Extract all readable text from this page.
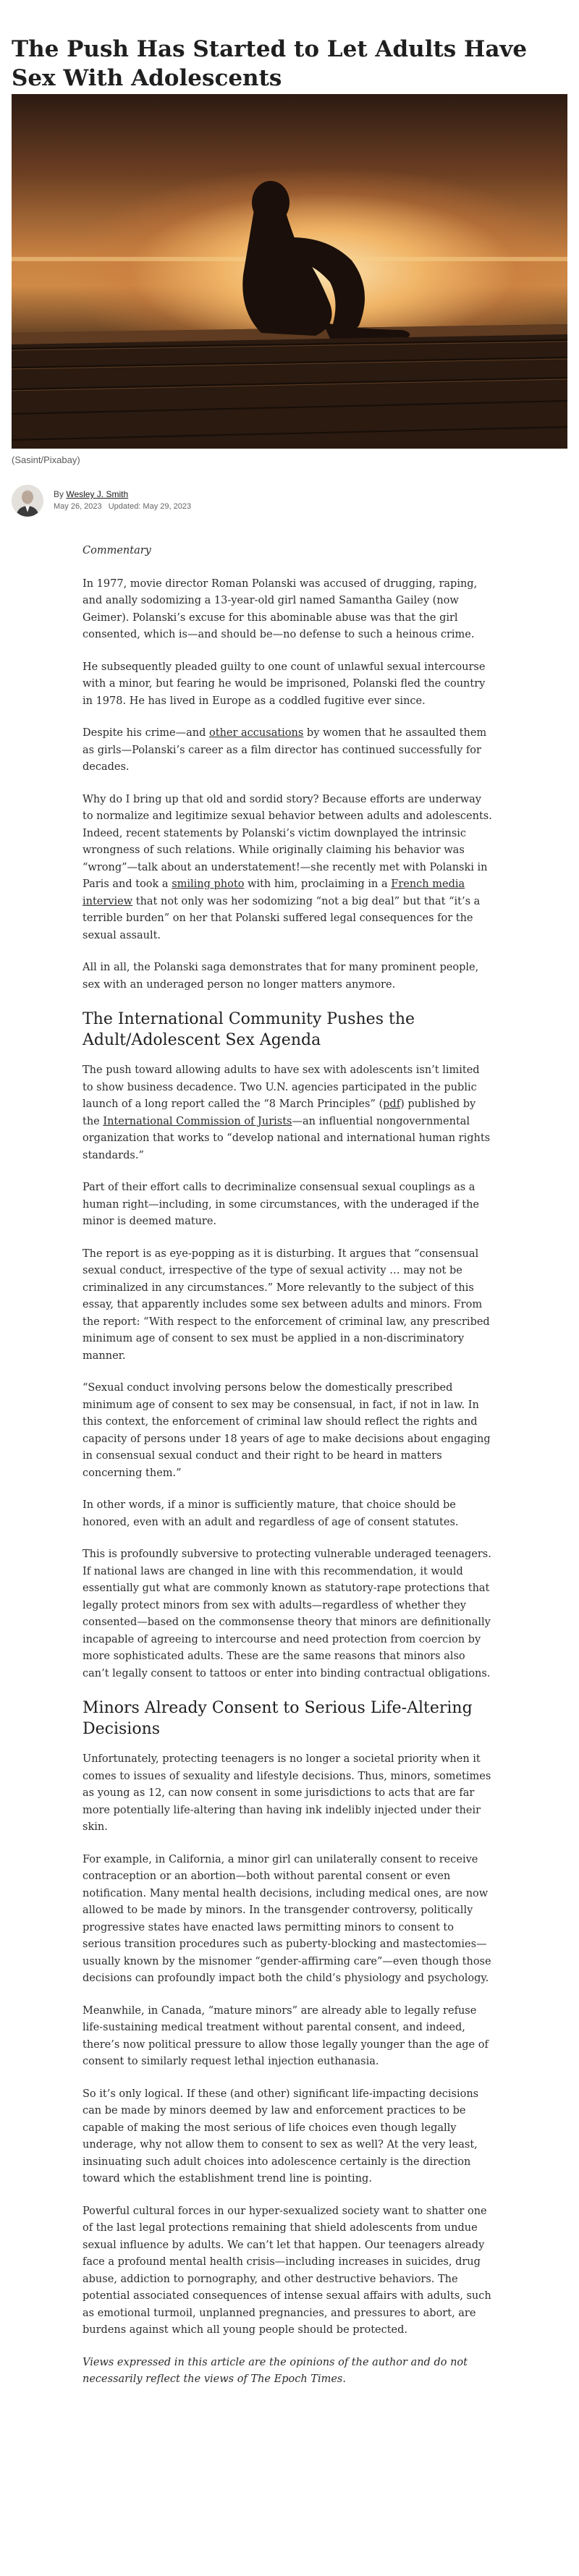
The Push Has Started to Let Adults Have Sex With Adolescents
(Sasint/Pixabay)
By Wesley J. Smith
May 26, 2023 Updated: May 29, 2023

Commentary

In 1977, movie director Roman Polanski was accused of drugging, raping, and anally sodomizing a 13-year-old girl named Samantha Gailey (now Geimer). Polanski’s excuse for this abominable abuse was that the girl consented, which is—and should be—no defense to such a heinous crime.

He subsequently pleaded guilty to one count of unlawful sexual intercourse with a minor, but fearing he would be imprisoned, Polanski fled the country in 1978. He has lived in Europe as a coddled fugitive ever since.

Despite his crime—and other accusations by women that he assaulted them as girls—Polanski’s career as a film director has continued successfully for decades.

Why do I bring up that old and sordid story? Because efforts are underway to normalize and legitimize sexual behavior between adults and adolescents. Indeed, recent statements by Polanski’s victim downplayed the intrinsic wrongness of such relations. While originally claiming his behavior was “wrong”—talk about an understatement!—she recently met with Polanski in Paris and took a smiling photo with him, proclaiming in a French media interview that not only was her sodomizing “not a big deal” but that “it’s a terrible burden” on her that Polanski suffered legal consequences for the sexual assault.

All in all, the Polanski saga demonstrates that for many prominent people, sex with an underaged person no longer matters anymore.

The International Community Pushes the Adult/Adolescent Sex Agenda

The push toward allowing adults to have sex with adolescents isn’t limited to show business decadence. Two U.N. agencies participated in the public launch of a long report called the “8 March Principles” (pdf) published by the International Commission of Jurists—an influential nongovernmental organization that works to “develop national and international human rights standards.”

Part of their effort calls to decriminalize consensual sexual couplings as a human right—including, in some circumstances, with the underaged if the minor is deemed mature.

The report is as eye-popping as it is disturbing. It argues that “consensual sexual conduct, irrespective of the type of sexual activity … may not be criminalized in any circumstances.” More relevantly to the subject of this essay, that apparently includes some sex between adults and minors. From the report: “With respect to the enforcement of criminal law, any prescribed minimum age of consent to sex must be applied in a non-discriminatory manner.

“Sexual conduct involving persons below the domestically prescribed minimum age of consent to sex may be consensual, in fact, if not in law. In this context, the enforcement of criminal law should reflect the rights and capacity of persons under 18 years of age to make decisions about engaging in consensual sexual conduct and their right to be heard in matters concerning them.”

In other words, if a minor is sufficiently mature, that choice should be honored, even with an adult and regardless of age of consent statutes.

This is profoundly subversive to protecting vulnerable underaged teenagers. If national laws are changed in line with this recommendation, it would essentially gut what are commonly known as statutory-rape protections that legally protect minors from sex with adults—regardless of whether they consented—based on the commonsense theory that minors are definitionally incapable of agreeing to intercourse and need protection from coercion by more sophisticated adults. These are the same reasons that minors also can’t legally consent to tattoos or enter into binding contractual obligations.

Minors Already Consent to Serious Life-Altering Decisions

Unfortunately, protecting teenagers is no longer a societal priority when it comes to issues of sexuality and lifestyle decisions. Thus, minors, sometimes as young as 12, can now consent in some jurisdictions to acts that are far more potentially life-altering than having ink indelibly injected under their skin.

For example, in California, a minor girl can unilaterally consent to receive contraception or an abortion—both without parental consent or even notification. Many mental health decisions, including medical ones, are now allowed to be made by minors. In the transgender controversy, politically progressive states have enacted laws permitting minors to consent to serious transition procedures such as puberty-blocking and mastectomies—usually known by the misnomer “gender-affirming care”—even though those decisions can profoundly impact both the child’s physiology and psychology.

Meanwhile, in Canada, “mature minors” are already able to legally refuse life-sustaining medical treatment without parental consent, and indeed, there’s now political pressure to allow those legally younger than the age of consent to similarly request lethal injection euthanasia.

So it’s only logical. If these (and other) significant life-impacting decisions can be made by minors deemed by law and enforcement practices to be capable of making the most serious of life choices even though legally underage, why not allow them to consent to sex as well? At the very least, insinuating such adult choices into adolescence certainly is the direction toward which the establishment trend line is pointing.

Powerful cultural forces in our hyper-sexualized society want to shatter one of the last legal protections remaining that shield adolescents from undue sexual influence by adults. We can’t let that happen. Our teenagers already face a profound mental health crisis—including increases in suicides, drug abuse, addiction to pornography, and other destructive behaviors. The potential associated consequences of intense sexual affairs with adults, such as emotional turmoil, unplanned pregnancies, and pressures to abort, are burdens against which all young people should be protected.

Views expressed in this article are the opinions of the author and do not necessarily reflect the views of The Epoch Times.
